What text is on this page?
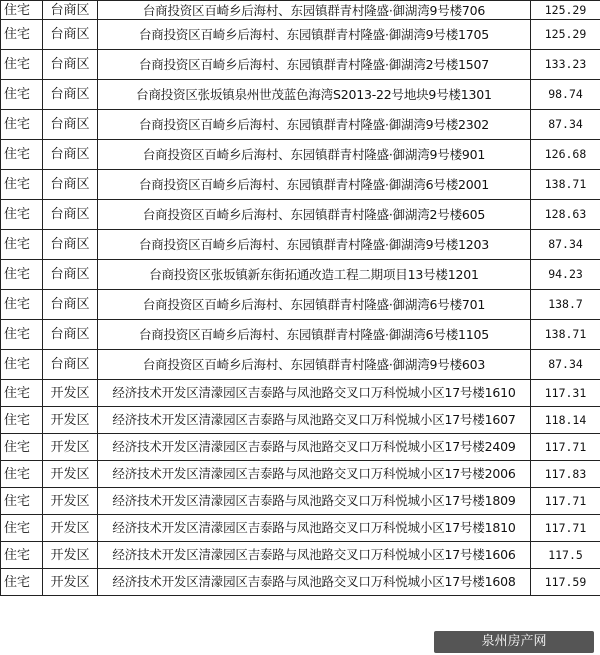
住宅	台商区	台商投资区百崎乡后海村、东园镇群青村隆盛·御湖湾9号楼706	125.29
住宅	台商区	台商投资区百崎乡后海村、东园镇群青村隆盛·御湖湾9号楼1705	125.29
住宅	台商区	台商投资区百崎乡后海村、东园镇群青村隆盛·御湖湾2号楼1507	133.23
住宅	台商区	台商投资区张坂镇泉州世茂蓝色海湾S2013-22号地块9号楼1301	98.74
住宅	台商区	台商投资区百崎乡后海村、东园镇群青村隆盛·御湖湾9号楼2302	87.34
住宅	台商区	台商投资区百崎乡后海村、东园镇群青村隆盛·御湖湾9号楼901	126.68
住宅	台商区	台商投资区百崎乡后海村、东园镇群青村隆盛·御湖湾6号楼2001	138.71
住宅	台商区	台商投资区百崎乡后海村、东园镇群青村隆盛·御湖湾2号楼605	128.63
住宅	台商区	台商投资区百崎乡后海村、东园镇群青村隆盛·御湖湾9号楼1203	87.34
住宅	台商区	台商投资区张坂镇新东街拓通改造工程二期项目13号楼1201	94.23
住宅	台商区	台商投资区百崎乡后海村、东园镇群青村隆盛·御湖湾6号楼701	138.7
住宅	台商区	台商投资区百崎乡后海村、东园镇群青村隆盛·御湖湾6号楼1105	138.71
住宅	台商区	台商投资区百崎乡后海村、东园镇群青村隆盛·御湖湾9号楼603	87.34
住宅	开发区	经济技术开发区清濛园区吉泰路与凤池路交叉口万科悦城小区17号楼1610	117.31
住宅	开发区	经济技术开发区清濛园区吉泰路与凤池路交叉口万科悦城小区17号楼1607	118.14
住宅	开发区	经济技术开发区清濛园区吉泰路与凤池路交叉口万科悦城小区17号楼2409	117.71
住宅	开发区	经济技术开发区清濛园区吉泰路与凤池路交叉口万科悦城小区17号楼2006	117.83
住宅	开发区	经济技术开发区清濛园区吉泰路与凤池路交叉口万科悦城小区17号楼1809	117.71
住宅	开发区	经济技术开发区清濛园区吉泰路与凤池路交叉口万科悦城小区17号楼1810	117.71
住宅	开发区	经济技术开发区清濛园区吉泰路与凤池路交叉口万科悦城小区17号楼1606	117.5
住宅	开发区	经济技术开发区清濛园区吉泰路与凤池路交叉口万科悦城小区17号楼1608	117.59
泉州房产网
